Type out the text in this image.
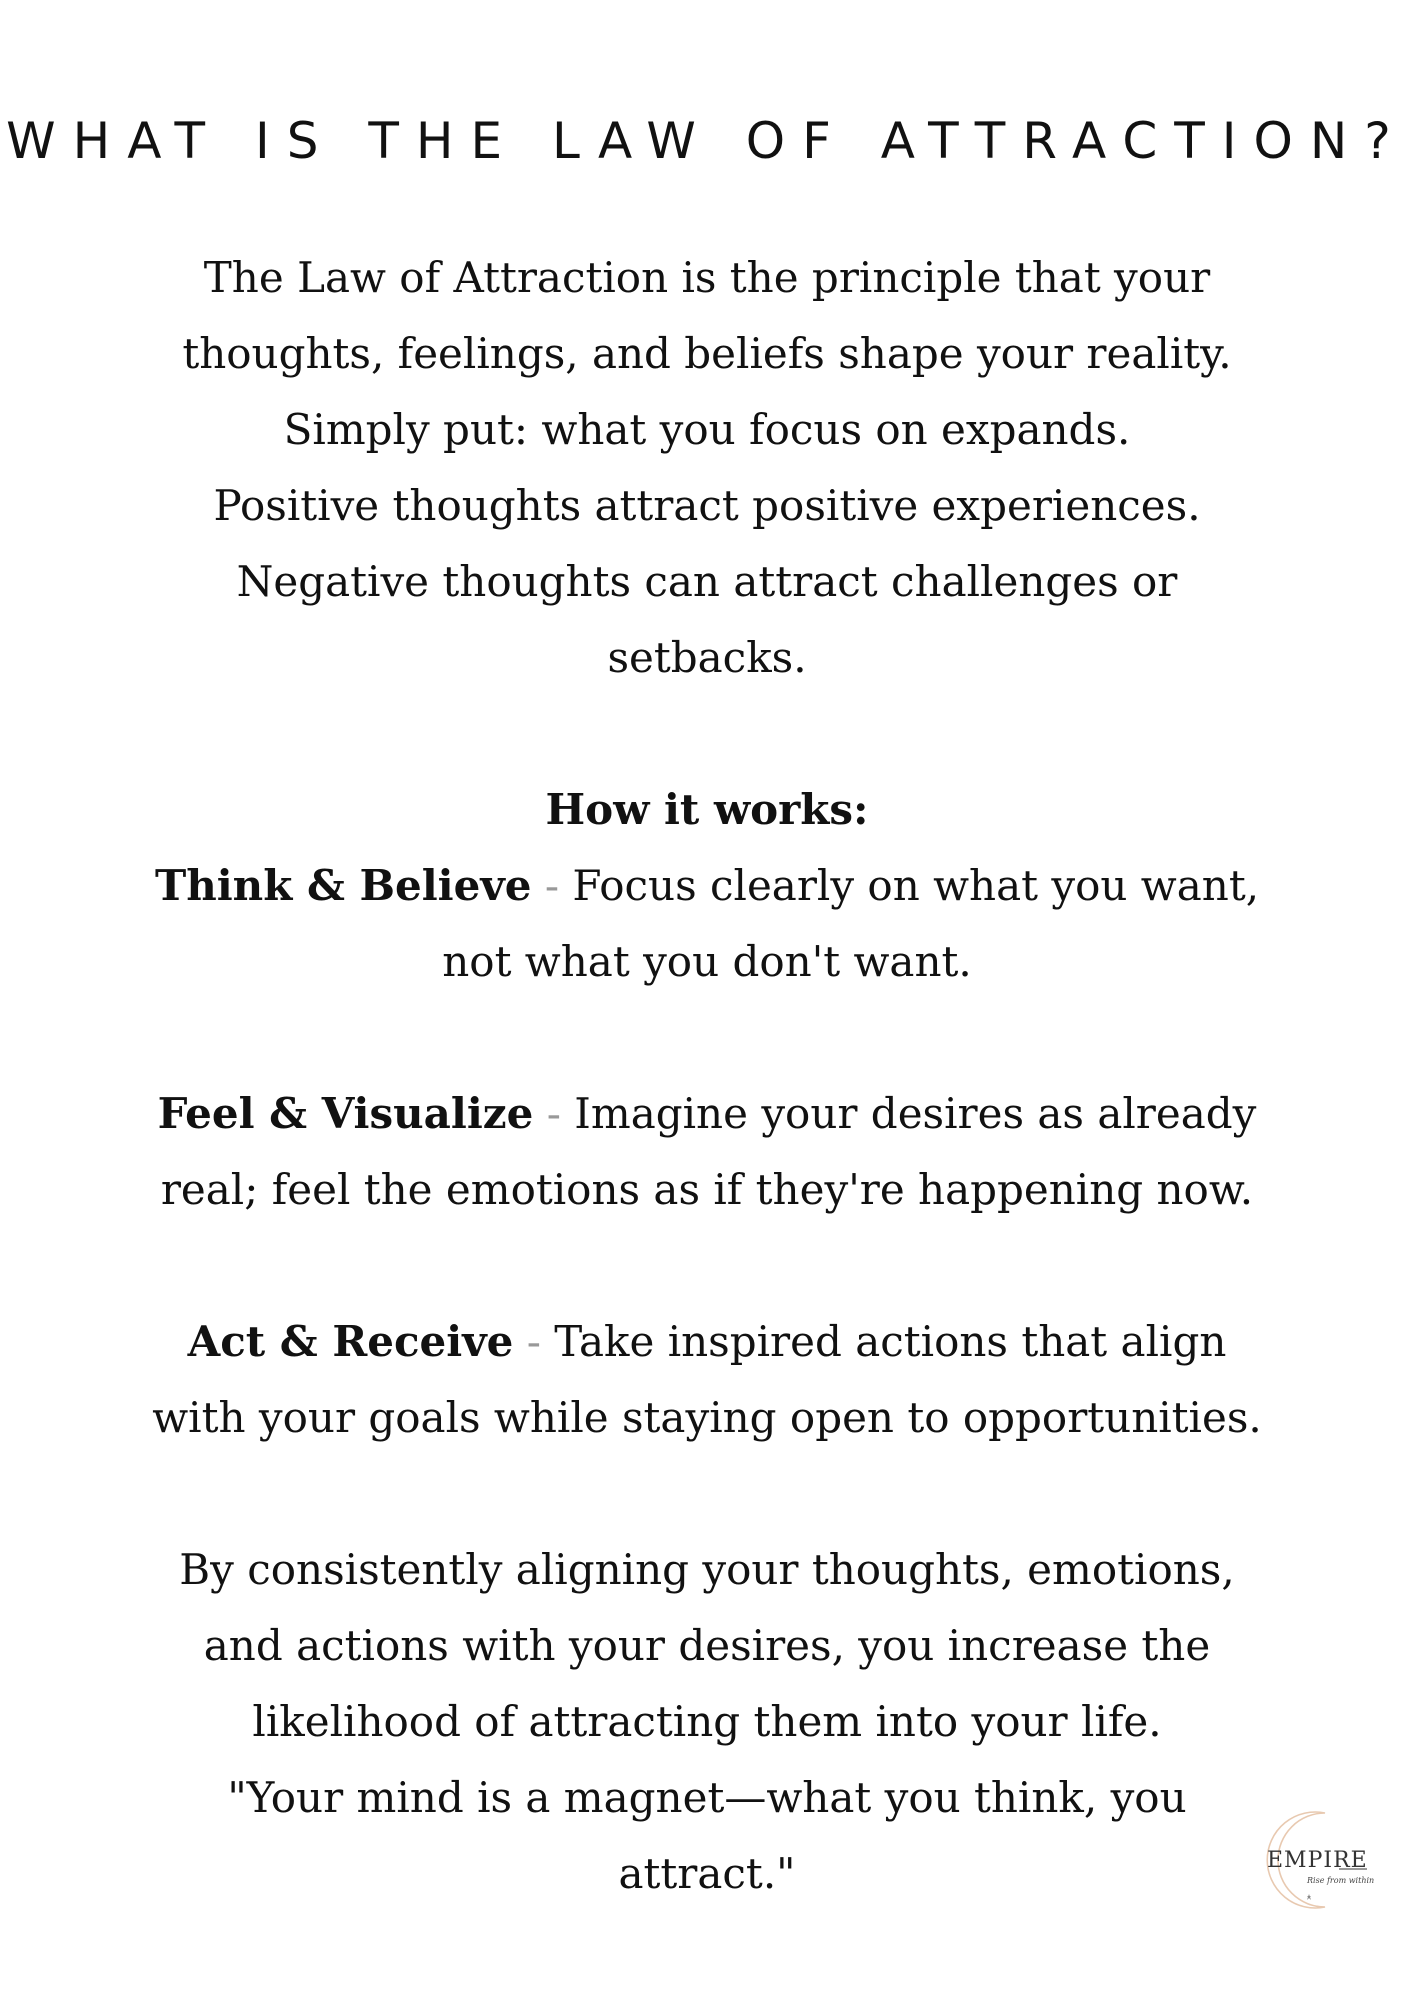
WHAT IS THE LAW OF ATTRACTION?

The Law of Attraction is the principle that your

thoughts, feelings, and beliefs shape your reality.

Simply put: what you focus on expands.

Positive thoughts attract positive experiences.

Negative thoughts can attract challenges or

setbacks.

How it works:

Think & Believe - Focus clearly on what you want,

not what you don't want.

Feel & Visualize - Imagine your desires as already

real; feel the emotions as if they're happening now.

Act & Receive - Take inspired actions that align

with your goals while staying open to opportunities.

By consistently aligning your thoughts, emotions,

and actions with your desires, you increase the

likelihood of attracting them into your life.

"Your mind is a magnet—what you think, you

attract."	EMPIRE
Rise from within
